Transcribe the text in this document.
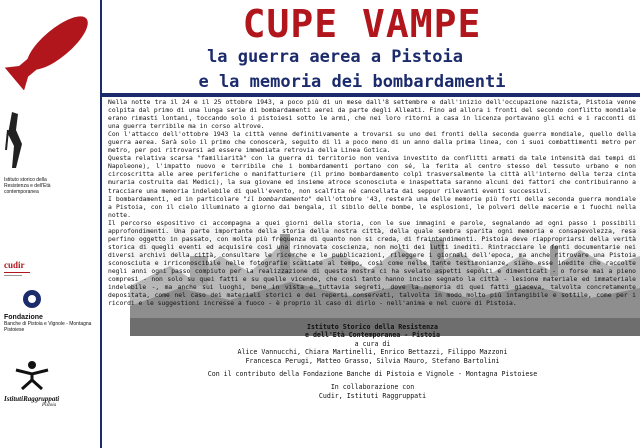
CUPE VAMPE
la guerra aerea a Pistoia
e la memoria dei bombardamenti
Istituto storico della Resistenza e dell'Età contemporanea
cudir
Fondazione
Banche di Pistoia e Vignole - Montagna Pistoiese
IstitutiRaggruppati
Pistoia

Nella notte tra il 24 e il 25 ottobre 1943, a poco più di un mese dall'8 settembre e dall'inizio dell'occupazione nazista, Pistoia venne colpita dal primo di una lunga serie di bombardamenti aerei da parte degli Alleati. Fino ad allora i fronti del secondo conflitto mondiale erano rimasti lontani, toccando solo i pistoiesi sotto le armi, che nei loro ritorni a casa in licenza portavano gli echi e i racconti di una guerra terribile ma in corso altrove.

Con l'attacco dell'ottobre 1943 la città venne definitivamente a trovarsi su uno dei fronti della seconda guerra mondiale, quello della guerra aerea. Sarà solo il primo che conoscerà, seguito di lì a poco meno di un anno dalla prima linea, con i suoi combattimenti metro per metro, per poi ritrovarsi ad essere immediata retrovia della Linea Gotica.

Questa relativa scarsa "familiarità" con la guerra di territorio non veniva investito da conflitti armati da tale intensità dai tempi di Napoleone), l'impatto nuovo e terribile che i bombardamenti portano con sé, la ferita al centro stesso del tessuto urbano e non circoscritta alle aree periferiche o manifatturiere (il primo bombardamento colpì trasversalmente la città all'interno della terza cinta muraria costruita dai Medici), la sua giovane ed insieme atroce sconosciuta e inaspettata saranno alcuni dei fattori che contribuiranno a tracciare una memoria indelebile di quell'evento, non scalfita né cancellata dai seppur rilevanti eventi successivi.

I bombardamenti, ed in particolare "il bombardamento" dell'ottobre '43, resterà una delle memorie più forti della seconda guerra mondiale a Pistoia, con il cielo illuminato a giorno dai bengala, il sibilo delle bombe, le esplosioni, le polveri delle macerie e i fuochi nella notte.

Il percorso espositivo ci accompagna a quei giorni della storia, con le sue immagini e parole, segnalando ad ogni passo i possibili approfondimenti. Una parte importante della storia della nostra città, della quale sembra sparita ogni memoria e consapevolezza, resa perfino oggetto in passato, con molta più frequenza di quanto non si creda, di fraintendimenti. Pistoia deve riappropriarsi della verità storica di quegli eventi ed acquisire così una rinnovata coscienza, non molti dei lutti inediti. Rintracciare le fonti documentarie nei diversi archivi della città, consultare le ricerche e le pubblicazioni, rileggere i giornali dell'epoca, ma anche ritrovare una Pistoia sconosciuta e irriconoscibile nelle fotografie scattate al tempo, così come nelle tante testimonianze, siano esse inedite che raccolte negli anni ogni passo compiuto per la realizzazione di questa mostra ci ha svelato aspetti sepolti e dimenticati - o forse mai a pieno compresi - non solo su quei fatti e su quelle vicende, che così tanto hanno inciso segnato la città - lesione materiale ed immateriale indelebile -, ma anche sui luoghi, bene in vista e tuttavia segreti, dove la memoria di quei fatti giaceva, talvolta concretamente depositata, come nel caso dei materiali storici e dei reperti conservati, talvolta in modo molto più intangibile e sottile, come per i ricordi e le suggestioni incresse a fuoco - è proprio il caso di dirlo - nell'anima e nel cuore di Pistoia.

Istituto Storico della Resistenza
e dell'Età Contemporanea - Pistoia
a cura di
Alice Vannucchi, Chiara Martinelli, Enrico Bettazzi, Filippo Mazzoni
Francesca Perugi, Matteo Grasso, Silvia Mauro, Stefano Bartolini
Con il contributo della Fondazione Banche di Pistoia e Vignole - Montagna Pistoiese
In collaborazione con
Cudir, Istituti Raggruppati
